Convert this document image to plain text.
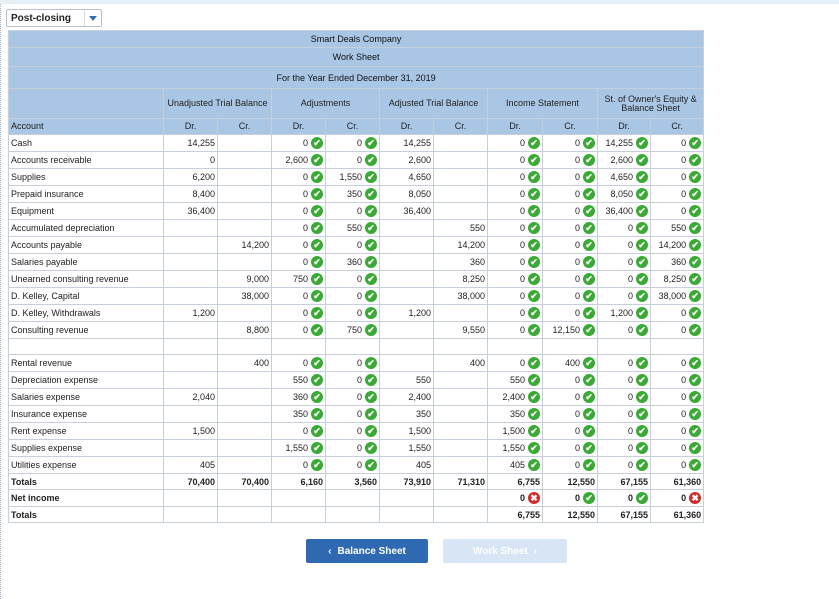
Post-closing
Smart Deals Company										
Work Sheet										
For the Year Ended December 31, 2019										
	Unadjusted Trial Balance		Adjustments		Adjusted Trial Balance		Income Statement		St. of Owner's Equity & Balance Sheet	
Account	Dr.	Cr.	Dr.	Cr.	Dr.	Cr.	Dr.	Cr.	Dr.	Cr.
Cash	14,255		0 ✔	0 ✔	14,255		0 ✔	0 ✔	14,255 ✔	0 ✔

Accounts receivable	0		2,600 ✔	0 ✔	2,600		0 ✔	0 ✔	2,600 ✔	0 ✔

Supplies	6,200		0 ✔	1,550 ✔	4,650		0 ✔	0 ✔	4,650 ✔	0 ✔

Prepaid insurance	8,400		0 ✔	350 ✔	8,050		0 ✔	0 ✔	8,050 ✔	0 ✔

Equipment	36,400		0 ✔	0 ✔	36,400		0 ✔	0 ✔	36,400 ✔	0 ✔

Accumulated depreciation			0 ✔	550 ✔		550	0 ✔	0 ✔	0 ✔	550 ✔

Accounts payable		14,200	0 ✔	0 ✔		14,200	0 ✔	0 ✔	0 ✔	14,200 ✔

Salaries payable			0 ✔	360 ✔		360	0 ✔	0 ✔	0 ✔	360 ✔

Unearned consulting revenue		9,000	750 ✔	0 ✔		8,250	0 ✔	0 ✔	0 ✔	8,250 ✔

D. Kelley, Capital		38,000	0 ✔	0 ✔		38,000	0 ✔	0 ✔	0 ✔	38,000 ✔

D. Kelley, Withdrawals	1,200		0 ✔	0 ✔	1,200		0 ✔	0 ✔	1,200 ✔	0 ✔

Consulting revenue		8,800	0 ✔	750 ✔		9,550	0 ✔	12,150 ✔	0 ✔	0 ✔

Rental revenue		400	0 ✔	0 ✔		400	0 ✔	400 ✔	0 ✔	0 ✔

Depreciation expense			550 ✔	0 ✔	550		550 ✔	0 ✔	0 ✔	0 ✔

Salaries expense	2,040		360 ✔	0 ✔	2,400		2,400 ✔	0 ✔	0 ✔	0 ✔

Insurance expense			350 ✔	0 ✔	350		350 ✔	0 ✔	0 ✔	0 ✔

Rent expense	1,500		0 ✔	0 ✔	1,500		1,500 ✔	0 ✔	0 ✔	0 ✔

Supplies expense			1,550 ✔	0 ✔	1,550		1,550 ✔	0 ✔	0 ✔	0 ✔

Utilities expense	405		0 ✔	0 ✔	405		405 ✔	0 ✔	0 ✔	0 ✔

Totals	70,400	70,400	6,160	3,560	73,910	71,310	6,755	12,550	67,155	61,360
Net income							0 ✖	0 ✔	0 ✔	0 ✖

Totals							6,755	12,550	67,155	61,360
‹ Balance Sheet	Work Sheet ›
